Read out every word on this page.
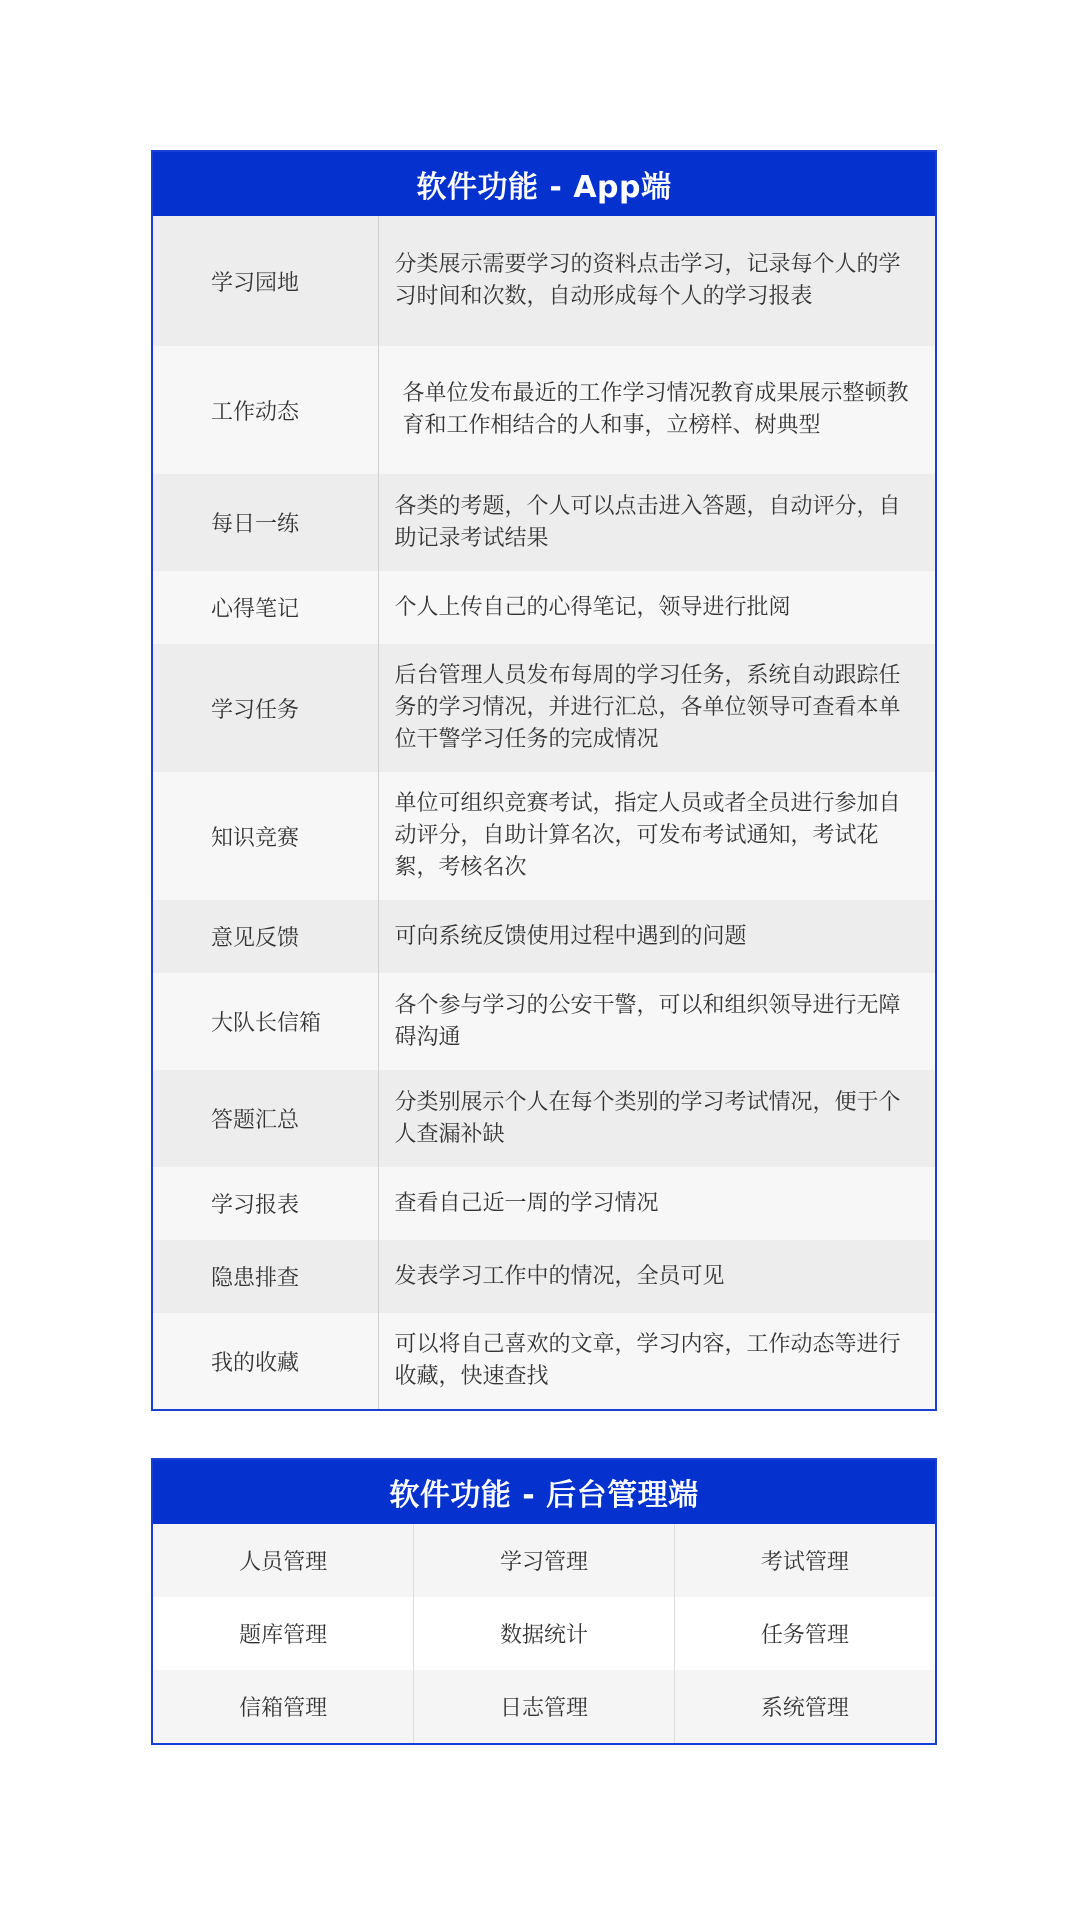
软件功能 - App端
学习园地	分类展示需要学习的资料点击学习，记录每个人的学习时间和次数，自动形成每个人的学习报表
工作动态	各单位发布最近的工作学习情况教育成果展示整顿教育和工作相结合的人和事，立榜样、树典型
每日一练	各类的考题，个人可以点击进入答题，自动评分，自助记录考试结果
心得笔记	个人上传自己的心得笔记，领导进行批阅
学习任务	后台管理人员发布每周的学习任务，系统自动跟踪任务的学习情况，并进行汇总，各单位领导可查看本单位干警学习任务的完成情况
知识竞赛	单位可组织竞赛考试，指定人员或者全员进行参加自动评分，自助计算名次，可发布考试通知，考试花絮，考核名次
意见反馈	可向系统反馈使用过程中遇到的问题
大队长信箱	各个参与学习的公安干警，可以和组织领导进行无障碍沟通
答题汇总	分类别展示个人在每个类别的学习考试情况，便于个人查漏补缺
学习报表	查看自己近一周的学习情况
隐患排查	发表学习工作中的情况，全员可见
我的收藏	可以将自己喜欢的文章，学习内容，工作动态等进行收藏，快速查找
软件功能 - 后台管理端
人员管理	学习管理	考试管理
题库管理	数据统计	任务管理
信箱管理	日志管理	系统管理
